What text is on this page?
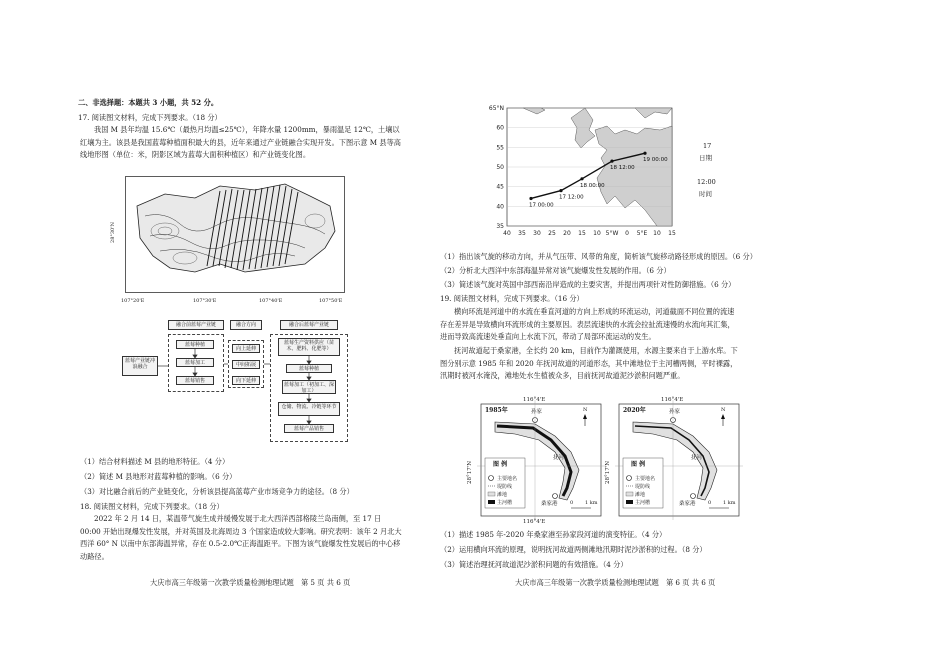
二、非选择题：本题共 3 小题，共 52 分。
17. 阅读图文材料，完成下列要求。（18 分）
我国 M 县年均温 15.6℃（最热月均温≤25℃），年降水量 1200mm，暴雨温足 12℃，土壤以红壤为主。该县是我国蓝莓种植面积最大的县，近年来通过产业链融合实现开发。下图示意 M 县等高线地形图（单位：米，阴影区域为蓝莓大面积种植区）和产业链变化图。
107°20'E	107°30'E	107°40'E	107°50'E
28°30'N
融合前蓝莓产业链	融合方向	融合后蓝莓产业链
蓝莓种植
蓝莓加工
蓝莓销售
蓝莓产业链冲浪融合
向上延伸
中间拓展
向下延伸
蓝莓生产资料供应（苗木、肥料、化肥等）
蓝莓种植
蓝莓加工（初加工、深加工）
仓储、物流、冷链等环节
蓝莓产品销售
（1）结合材料描述 M 县的地形特征。（4 分）
（2）简述 M 县地形对蓝莓种植的影响。（6 分）
（3）对比融合前后的产业链变化，分析该县提高蓝莓产业市场竞争力的途径。（8 分）
18. 阅读图文材料，完成下列要求。（18 分）
2022 年 2 月 14 日，某温带气旋生成并缓慢发展于北大西洋西部格陵兰岛南侧，至 17 日 00:00 开始出现爆发性发展，并对英国及北海周边 3 个国家造成较大影响。研究表明：该年 2 月北大西洋 60° N 以南中东部海温异常，存在 0.5-2.0℃正海温距平。下图为该气旋爆发性发展后的中心移动路径。
大庆市高三年级第一次教学质量检测地理试题　第 5 页 共 6 页
65°N
60
55
50
45
40
35
40 35 30 25 20 15 10 5°W 0 5°E 10 15
17 00:00
17 12:00
18 00:00
18 12:00
19 00:00
17
日期
12:00
时间
（1）指出该气旋的移动方向，并从气压带、风带的角度，简析该气旋移动路径形成的原因。（6 分）
（2）分析北大西洋中东部海温异常对该气旋爆发性发展的作用。（6 分）
（3）简述该气旋对英国中部西南沿岸造成的主要灾害，并提出两项针对性防御措施。（6 分）
19. 阅读图文材料，完成下列要求。（16 分）
横向环流是河道中的水流在垂直河道的方向上形成的环流运动，河道截面不同位置的流速存在差异是导致横向环流形成的主要原因。表层流速快的水流会拉扯流速慢的水流向其汇集，进而导致高流速处垂直向上水流下沉，带动了局部环流运动的发生。
抚河故道起于桑家港，全长约 20 km，目前作为灌溉使用，水源主要来自于上游水库。下图分别示意 1985 年和 2020 年抚河故道的河道形态，其中滩地位于主河槽两侧，平时裸露，汛期时被河水淹没，滩地处水生植被众多，目前抚河故道泥沙淤积问题严重。
1985年
116°4'E
116°4'E
28°17'N
孙家
桑家港
抚河
图 例
主要地名
堤防线
滩地
主河槽	0 1 km
N	2020年
116°4'E
28°17'N
孙家
桑家港
抚河
图 例
主要地名
堤防线
滩地
主河槽	0 1 km
N
（1）描述 1985 年-2020 年桑家港至孙家段河道的演变特征。（4 分）
（2）运用横向环流的原理，说明抚河故道两侧滩地汛期时泥沙淤积的过程。（8 分）
（3）简述治理抚河故道泥沙淤积问题的有效措施。（4 分）
大庆市高三年级第一次教学质量检测地理试题　第 6 页 共 6 页
